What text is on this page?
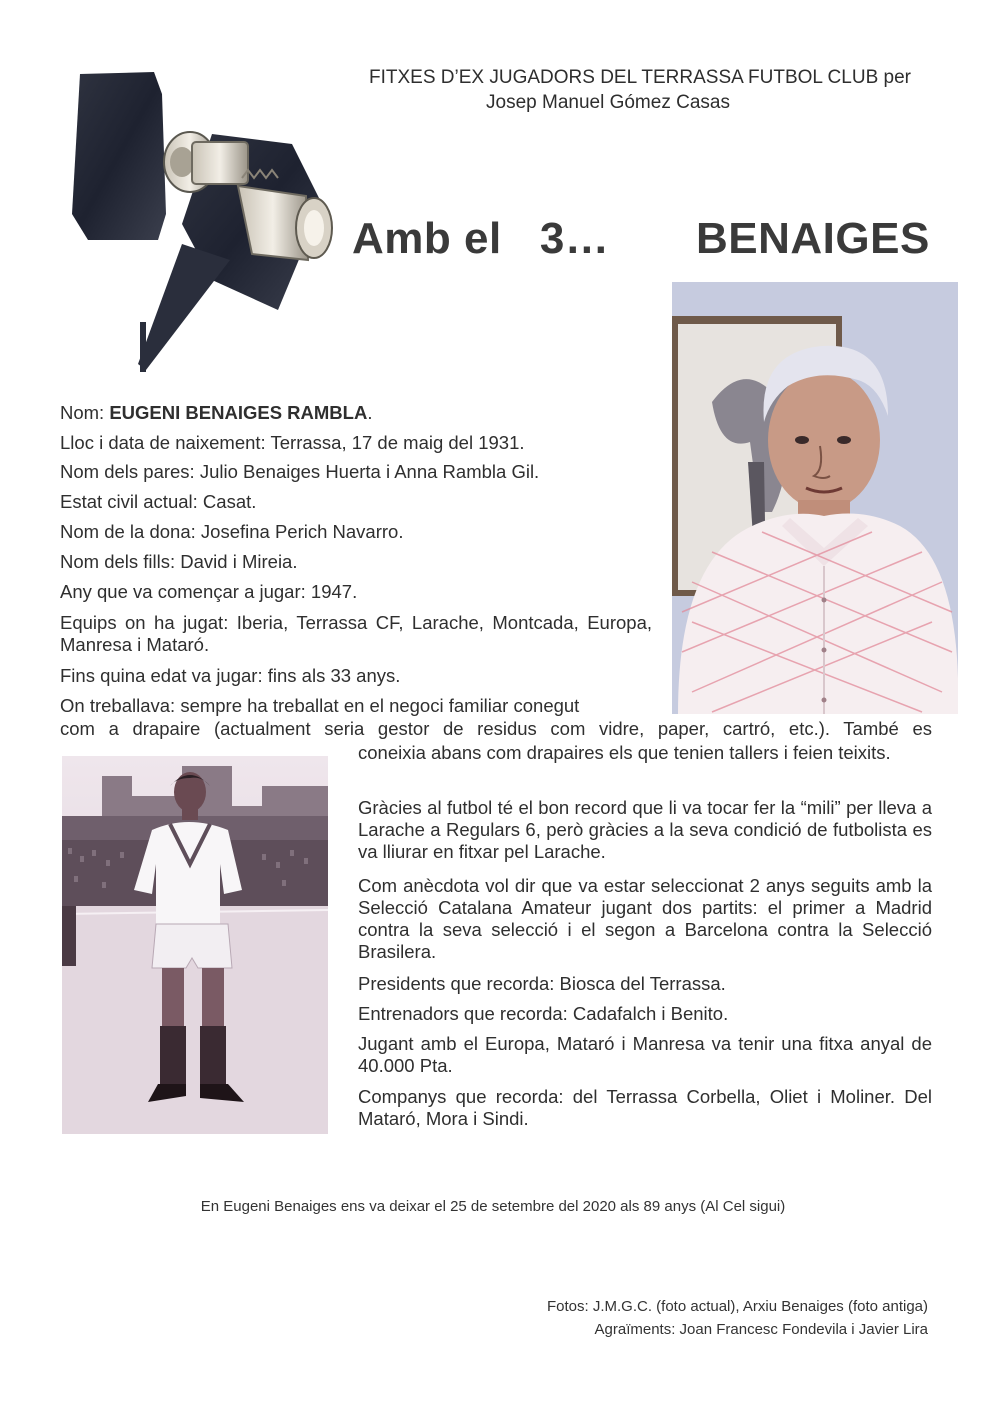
FITXES D’EX JUGADORS DEL TERRASSA FUTBOL CLUB per
Josep Manuel Gómez Casas
Amb el   3… BENAIGES
Nom: EUGENI BENAIGES RAMBLA.
Lloc i data de naixement: Terrassa, 17 de maig del 1931.
Nom dels pares: Julio Benaiges Huerta i Anna Rambla Gil.
Estat civil actual: Casat.
Nom de la dona: Josefina Perich Navarro.
Nom dels fills: David i Mireia.
Any que va començar a jugar: 1947.
Equips on ha jugat: Iberia, Terrassa CF, Larache, Montcada, Europa, Manresa i Mataró.
Fins quina edat va jugar: fins als 33 anys.
On treballava: sempre ha treballat en el negoci familiar conegut
com a drapaire (actualment seria gestor de residus com vidre, paper, cartró, etc.). També es
coneixia abans com drapaires els que tenien tallers i feien teixits.
Gràcies al futbol té el bon record que li va tocar fer la “mili” per lleva a Larache a Regulars 6, però gràcies a la seva condició de futbolista es va lliurar en fitxar pel Larache.
Com anècdota vol dir que va estar seleccionat 2 anys seguits amb la Selecció Catalana Amateur jugant dos partits: el primer a Madrid contra la seva selecció i el segon a Barcelona contra la Selecció Brasilera.
Presidents que recorda: Biosca del Terrassa.
Entrenadors que recorda: Cadafalch i Benito.
Jugant amb el Europa, Mataró i Manresa va tenir una fitxa anyal de 40.000 Pta.
Companys que recorda: del Terrassa Corbella, Oliet i Moliner. Del Mataró, Mora i Sindi.
En Eugeni Benaiges ens va deixar el 25 de setembre del 2020 als 89 anys (Al Cel sigui)
Fotos: J.M.G.C. (foto actual), Arxiu Benaiges (foto antiga)
Agraïments: Joan Francesc Fondevila i Javier Lira
